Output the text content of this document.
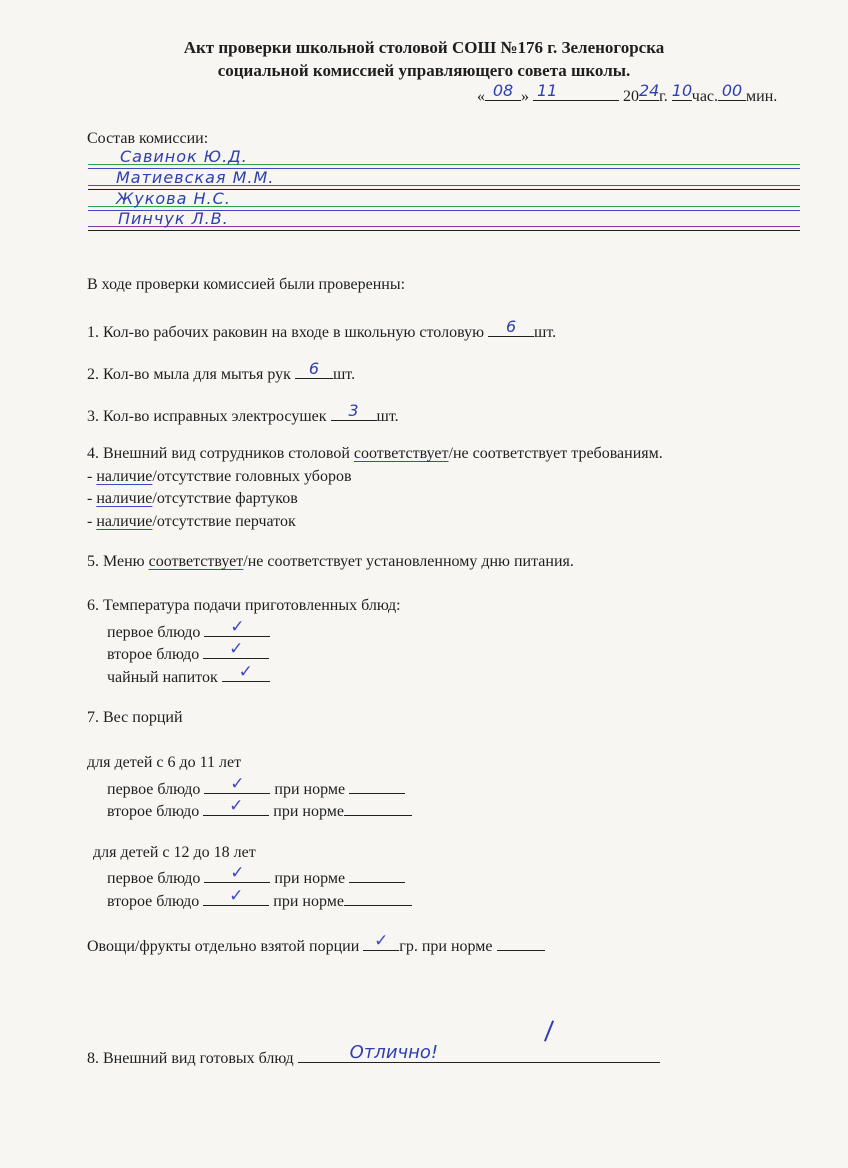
Акт проверки школьной столовой СОШ №176 г. Зеленогорска
социальной комиссией управляющего совета школы.
« 08 » 11	20 24 г. 10 час. 00 мин.
Состав комиссии:
Савинок Ю.Д.
Матиевская М.М.
Жукова Н.С.
Пинчук Л.В.
В ходе проверки комиссией были проверенны:
1. Кол-во рабочих раковин на входе в школьную столовую	6	шт.
2. Кол-во мыла для мытья рук	6 шт.
3. Кол-во исправных электросушек	3	шт.
4. Внешний вид сотрудников столовой соответствует/не соответствует требованиям.
- наличие/отсутствие головных уборов
- наличие/отсутствие фартуков
- наличие/отсутствие перчаток
5. Меню соответствует/не соответствует установленному дню питания.
6. Температура подачи приготовленных блюд:
первое блюдо	✓
второе блюдо	✓
чайный напиток	✓
7. Вес порций
для детей с 6 до 11 лет
первое блюдо	✓	при норме
второе блюдо	✓	при норме
для детей с 12 до 18 лет
первое блюдо	✓	при норме
второе блюдо	✓	при норме
Овощи/фрукты отдельно взятой порции ✓ гр. при норме
8. Внешний вид готовых блюд	Отлично!
